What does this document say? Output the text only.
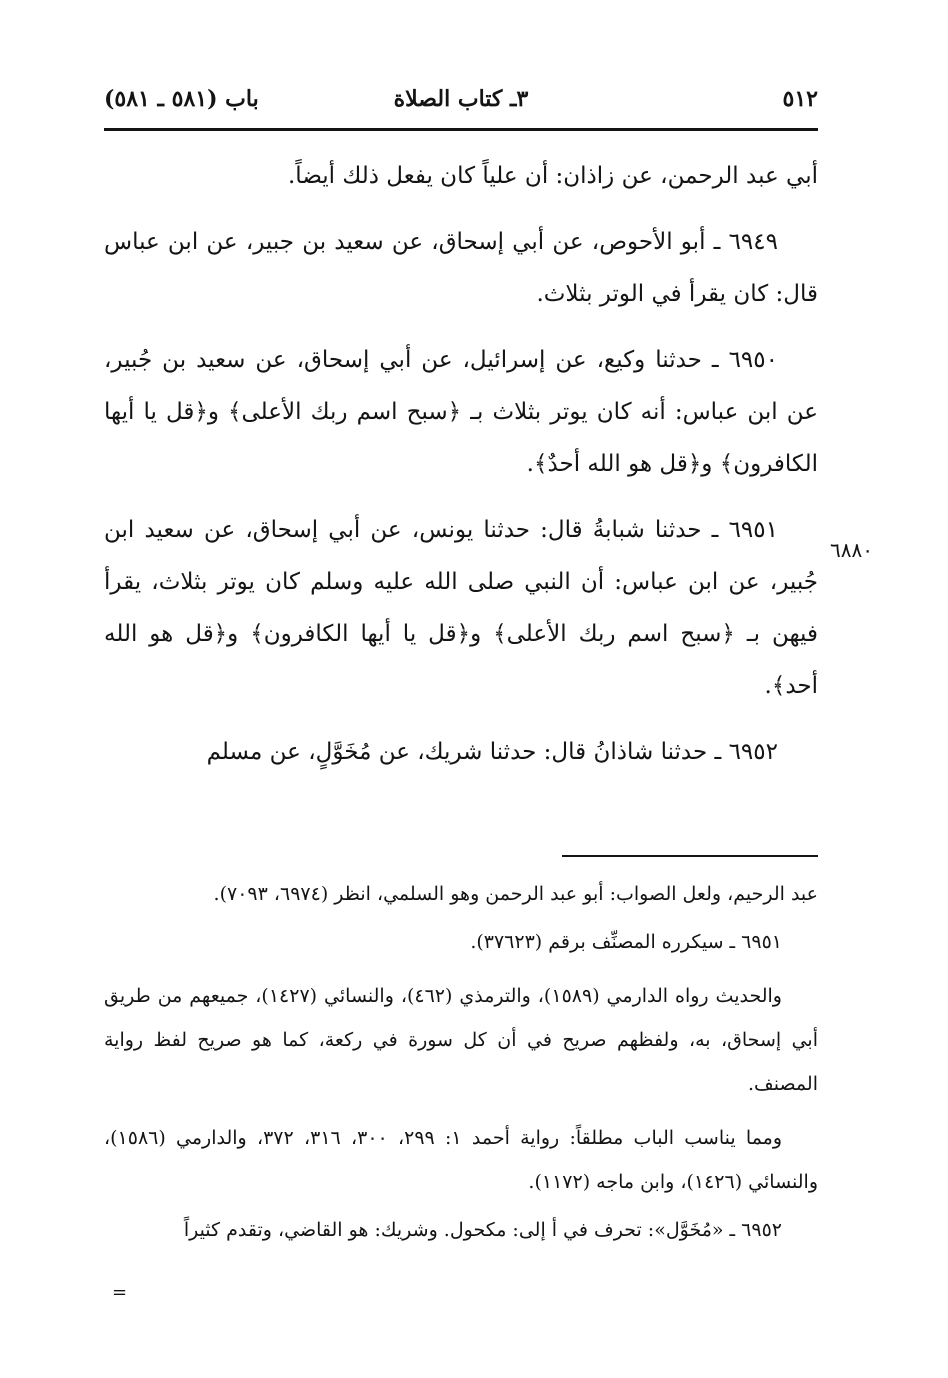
٥١٢
٣ـ كتاب الصلاة
باب (٥٨١ ـ ٥٨١)

أبي عبد الرحمن، عن زاذان: أن علياً كان يفعل ذلك أيضاً.

٦٩٤٩ ـ أبو الأحوص، عن أبي إسحاق، عن سعيد بن جبير، عن ابن عباس قال: كان يقرأ في الوتر بثلاث.

٦٩٥٠ ـ حدثنا وكيع، عن إسرائيل، عن أبي إسحاق، عن سعيد بن جُبير، عن ابن عباس: أنه كان يوتر بثلاث بـ ﴿سبح اسم ربك الأعلى﴾ و﴿قل يا أيها الكافرون﴾ و﴿قل هو الله أحدٌ﴾.

٦٩٥١ ـ حدثنا شبابةُ قال: حدثنا يونس، عن أبي إسحاق، عن سعيد ابن جُبير، عن ابن عباس: أن النبي صلى الله عليه وسلم كان يوتر بثلاث، يقرأ فيهن بـ ﴿سبح اسم ربك الأعلى﴾ و﴿قل يا أيها الكافرون﴾ و﴿قل هو الله أحد﴾.

٦٩٥٢ ـ حدثنا شاذانُ قال: حدثنا شريك، عن مُخَوَّلٍ، عن مسلم

٦٨٨٠

عبد الرحيم، ولعل الصواب: أبو عبد الرحمن وهو السلمي، انظر (٦٩٧٤، ٧٠٩٣).

٦٩٥١ ـ سيكرره المصنِّف برقم (٣٧٦٢٣).

والحديث رواه الدارمي (١٥٨٩)، والترمذي (٤٦٢)، والنسائي (١٤٢٧)، جميعهم من طريق أبي إسحاق، به، ولفظهم صريح في أن كل سورة في ركعة، كما هو صريح لفظ رواية المصنف.

ومما يناسب الباب مطلقاً: رواية أحمد ١: ٢٩٩، ٣٠٠، ٣١٦، ٣٧٢، والدارمي (١٥٨٦)، والنسائي (١٤٢٦)، وابن ماجه (١١٧٢).

٦٩٥٢ ـ «مُخَوَّل»: تحرف في أ إلى: مكحول. وشريك: هو القاضي، وتقدم كثيراً

=
